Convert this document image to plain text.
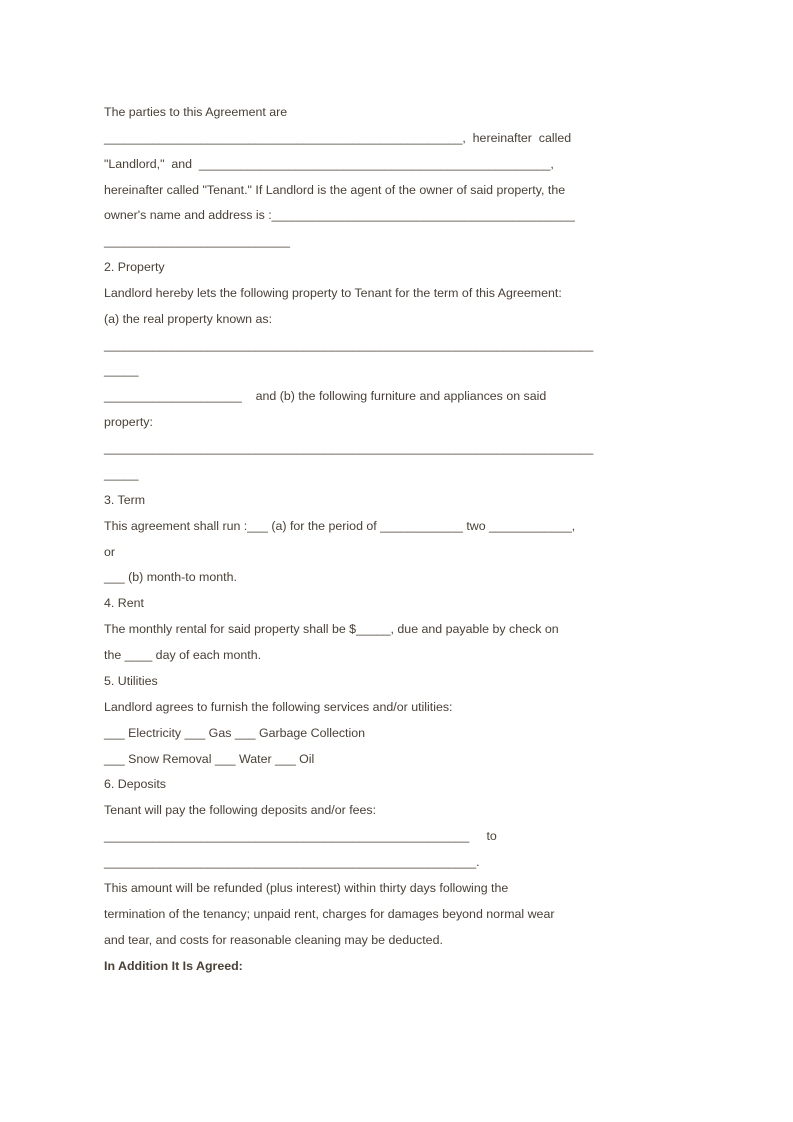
The parties to this Agreement are
____________________________________________________,  hereinafter  called
"Landlord,"  and  ___________________________________________________,
hereinafter called "Tenant." If Landlord is the agent of the owner of said property, the
owner's name and address is :____________________________________________
___________________________
2. Property
Landlord hereby lets the following property to Tenant for the term of this Agreement:
(a) the real property known as:
_______________________________________________________________________
_____
____________________    and (b) the following furniture and appliances on said
property:
_______________________________________________________________________
_____
3. Term
This agreement shall run :___ (a) for the period of ____________ two ____________,
or
___ (b) month-to month.
4. Rent
The monthly rental for said property shall be $_____, due and payable by check on
the ____ day of each month.
5. Utilities
Landlord agrees to furnish the following services and/or utilities:
___ Electricity ___ Gas ___ Garbage Collection
___ Snow Removal ___ Water ___ Oil
6. Deposits
Tenant will pay the following deposits and/or fees:
_____________________________________________________     to
______________________________________________________.
This amount will be refunded (plus interest) within thirty days following the
termination of the tenancy; unpaid rent, charges for damages beyond normal wear
and tear, and costs for reasonable cleaning may be deducted.
In Addition It Is Agreed:
